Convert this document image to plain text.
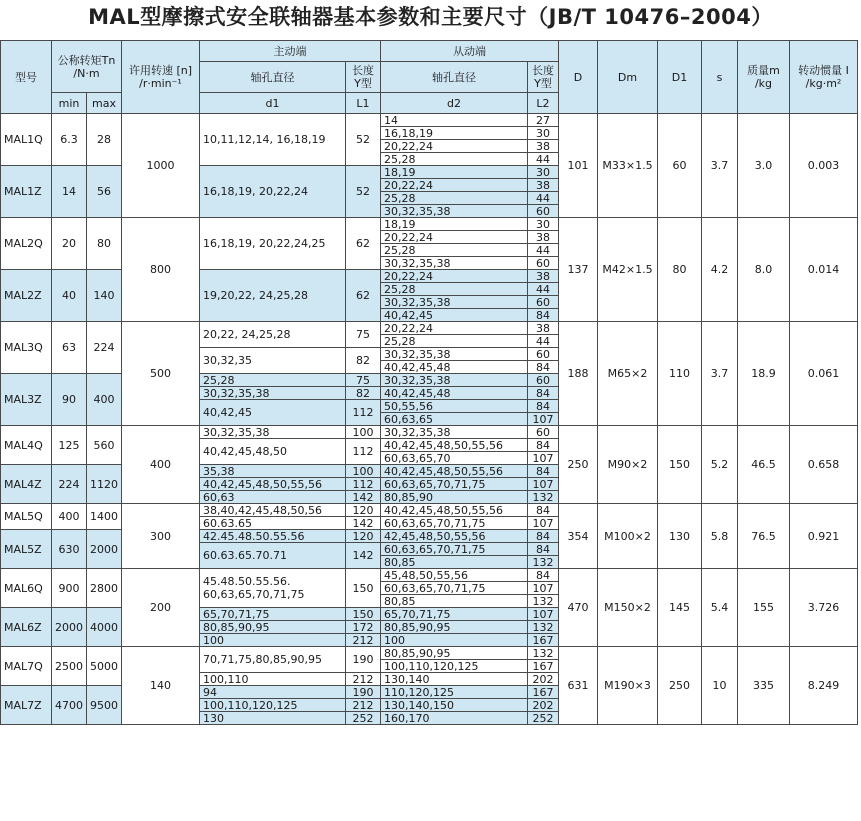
MAL型摩擦式安全联轴器基本参数和主要尺寸（JB/T 10476–2004）
型号	公称转矩Tn /N·m		许用转速 [n] /r·min⁻¹	主动端		从动端		D	Dm	D1	s	质量m /kg	转动惯量 I /kg·m²
				轴孔直径	长度 Y型	轴孔直径	长度 Y型						
	min	max		d1	L1	d2	L2						
MAL1Q	6.3	28	1000	10,11,12,14, 16,18,19	52	14	27	101	M33×1.5	60	3.7	3.0	0.003
						16,18,19	30						
						20,22,24	38						
						25,28	44						
MAL1Z	14	56		16,18,19, 20,22,24	52	18,19	30						
						20,22,24	38						
						25,28	44						
						30,32,35,38	60						
MAL2Q	20	80	800	16,18,19, 20,22,24,25	62	18,19	30	137	M42×1.5	80	4.2	8.0	0.014
						20,22,24	38						
						25,28	44						
						30,32,35,38	60						
MAL2Z	40	140		19,20,22, 24,25,28	62	20,22,24	38						
						25,28	44						
						30,32,35,38	60						
						40,42,45	84						
MAL3Q	63	224	500	20,22, 24,25,28	75	20,22,24	38	188	M65×2	110	3.7	18.9	0.061
						25,28	44						
				30,32,35	82	30,32,35,38	60						
						40,42,45,48	84						
MAL3Z	90	400		25,28	75	30,32,35,38	60						
				30,32,35,38	82	40,42,45,48	84						
				40,42,45	112	50,55,56	84						
						60,63,65	107						
MAL4Q	125	560	400	30,32,35,38	100	30,32,35,38	60	250	M90×2	150	5.2	46.5	0.658
				40,42,45,48,50	112	40,42,45,48,50,55,56	84						
						60,63,65,70	107						
MAL4Z	224	1120		35,38	100	40,42,45,48,50,55,56	84						
				40,42,45,48,50,55,56	112	60,63,65,70,71,75	107						
				60,63	142	80,85,90	132						
MAL5Q	400	1400	300	38,40,42,45,48,50,56	120	40,42,45,48,50,55,56	84	354	M100×2	130	5.8	76.5	0.921
				60.63.65	142	60,63,65,70,71,75	107						
MAL5Z	630	2000		42.45.48.50.55.56	120	42,45,48,50,55,56	84						
				60.63.65.70.71	142	60,63,65,70,71,75	84						
						80,85	132						
MAL6Q	900	2800	200	45.48.50.55.56. 60,63,65,70,71,75	150	45,48,50,55,56	84	470	M150×2	145	5.4	155	3.726
						60,63,65,70,71,75	107						
						80,85	132						
MAL6Z	2000	4000		65,70,71,75	150	65,70,71,75	107						
				80,85,90,95	172	80,85,90,95	132						
				100	212	100	167						
MAL7Q	2500	5000	140	70,71,75,80,85,90,95	190	80,85,90,95	132	631	M190×3	250	10	335	8.249
						100,110,120,125	167						
				100,110	212	130,140	202						
MAL7Z	4700	9500		94	190	110,120,125	167						
				100,110,120,125	212	130,140,150	202						
				130	252	160,170	252						
